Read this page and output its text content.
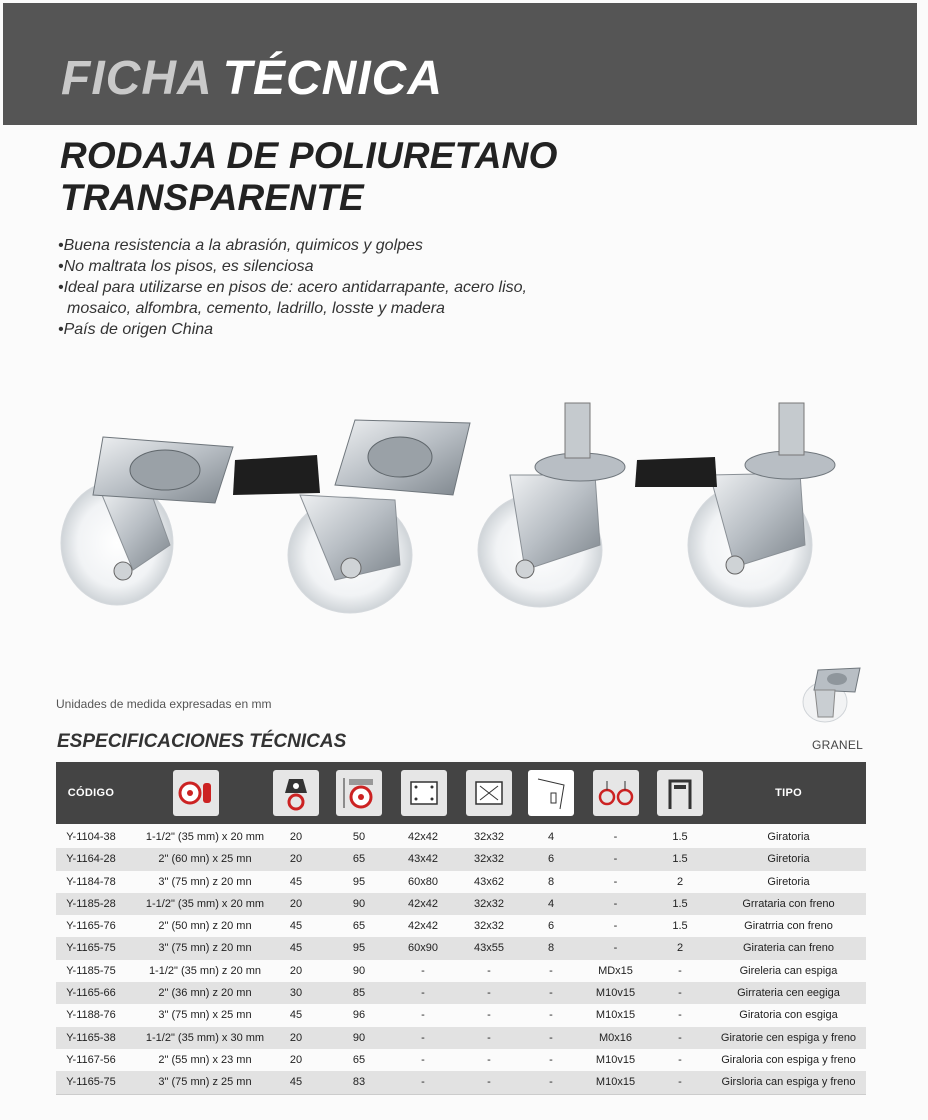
FICHA TÉCNICA
RODAJA DE POLIURETANO
TRANSPARENTE
• Buena resistencia a la abrasión, quimicos y golpes
• No maltrata los pisos, es silenciosa
• Ideal para utilizarse en pisos de: acero antidarrapante, acero liso, mosaico, alfombra, cemento, ladrillo, losste y madera
• País de origen China
Unidades de medida expresadas en mm
GRANEL
ESPECIFICACIONES TÉCNICAS
CÓDIGO	TIPO
Y-1104-38	1-1/2" (35 mm) x 20 mm	20	50	42x42	32x32	4	-	1.5	Giratoria
Y-1164-28	2" (60 mn) x 25 mn	20	65	43x42	32x32	6	-	1.5	Giretoria
Y-1184-78	3" (75 mn) z 20 mn	45	95	60x80	43x62	8	-	2	Giretoria
Y-1185-28	1-1/2" (35 mm) x 20 mm	20	90	42x42	32x32	4	-	1.5	Grrataria con freno
Y-1165-76	2" (50 mn) z 20 mn	45	65	42x42	32x32	6	-	1.5	Giratrria con freno
Y-1165-75	3" (75 mn) z 20 mn	45	95	60x90	43x55	8	-	2	Girateria can freno
Y-1185-75	1-1/2" (35 mn) z 20 mn	20	90	-	-	-	MDx15	-	Gireleria can espiga
Y-1165-66	2" (36 mn) z 20 mn	30	85	-	-	-	M10v15	-	Girrateria cen eegiga
Y-1188-76	3" (75 mn) x 25 mn	45	96	-	-	-	M10x15	-	Giratoria con esgiga
Y-1165-38	1-1/2" (35 mm) x 30 mm	20	90	-	-	-	M0x16	-	Giratorie cen espiga y freno
Y-1167-56	2" (55 mn) x 23 mn	20	65	-	-	-	M10v15	-	Giraloria con espiga y freno
Y-1165-75	3" (75 mn) z 25 mn	45	83	-	-	-	M10x15	-	Girsloria can espiga y freno
